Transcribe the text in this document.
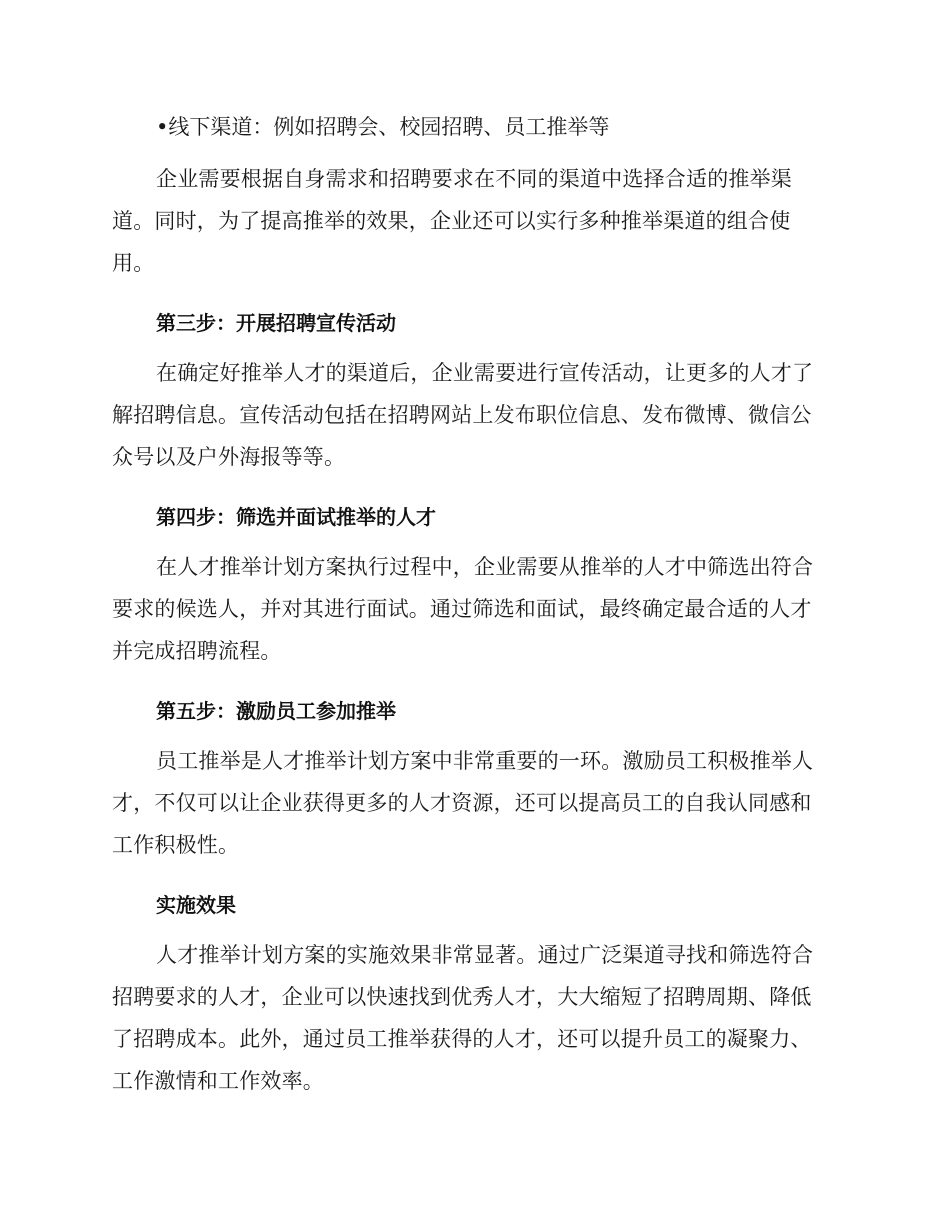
•线下渠道：例如招聘会、校园招聘、员工推举等

企业需要根据自身需求和招聘要求在不同的渠道中选择合适的推举渠道。同时，为了提高推举的效果，企业还可以实行多种推举渠道的组合使用。

第三步：开展招聘宣传活动

在确定好推举人才的渠道后，企业需要进行宣传活动，让更多的人才了解招聘信息。宣传活动包括在招聘网站上发布职位信息、发布微博、微信公众号以及户外海报等等。

第四步：筛选并面试推举的人才

在人才推举计划方案执行过程中，企业需要从推举的人才中筛选出符合要求的候选人，并对其进行面试。通过筛选和面试，最终确定最合适的人才并完成招聘流程。

第五步：激励员工参加推举

员工推举是人才推举计划方案中非常重要的一环。激励员工积极推举人才，不仅可以让企业获得更多的人才资源，还可以提高员工的自我认同感和工作积极性。

实施效果

人才推举计划方案的实施效果非常显著。通过广泛渠道寻找和筛选符合招聘要求的人才，企业可以快速找到优秀人才，大大缩短了招聘周期、降低了招聘成本。此外，通过员工推举获得的人才，还可以提升员工的凝聚力、工作激情和工作效率。
